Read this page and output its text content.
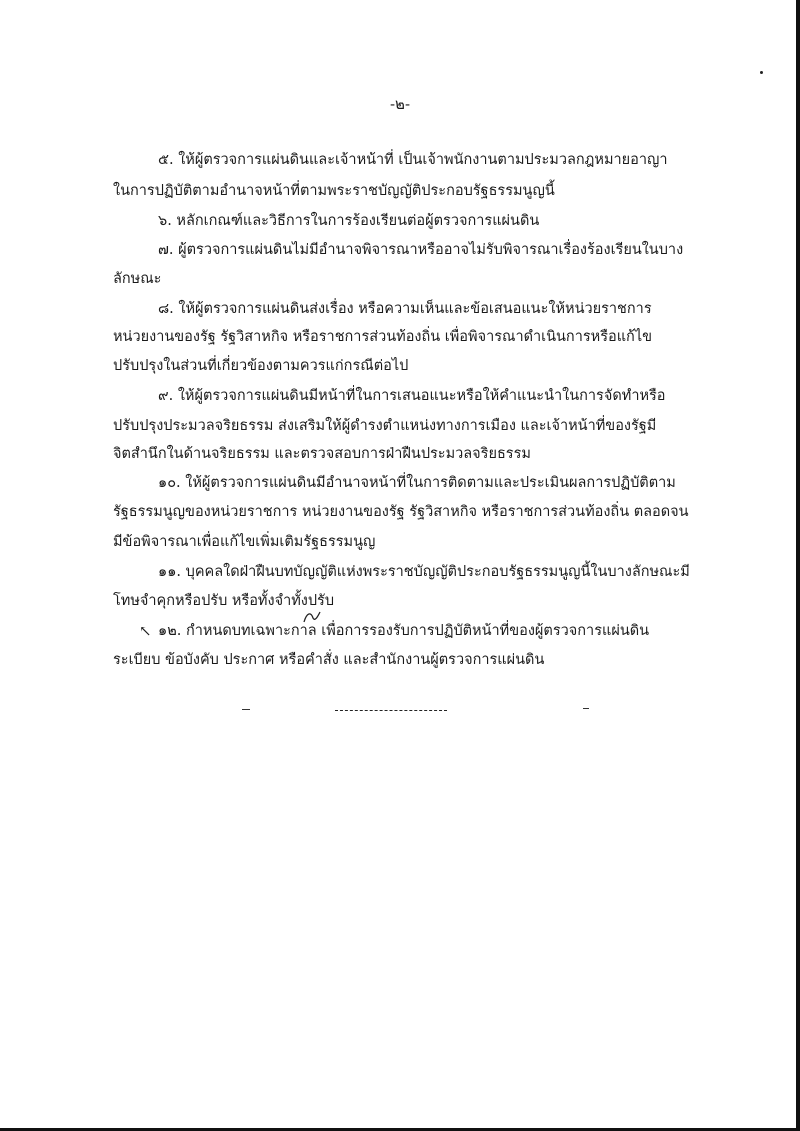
-๒-
๕. ให้ผู้ตรวจการแผ่นดินและเจ้าหน้าที่ เป็นเจ้าพนักงานตามประมวลกฎหมายอาญา
ในการปฏิบัติตามอำนาจหน้าที่ตามพระราชบัญญัติประกอบรัฐธรรมนูญนี้
๖. หลักเกณฑ์และวิธีการในการร้องเรียนต่อผู้ตรวจการแผ่นดิน
๗. ผู้ตรวจการแผ่นดินไม่มีอำนาจพิจารณาหรืออาจไม่รับพิจารณาเรื่องร้องเรียนในบาง
ลักษณะ
๘. ให้ผู้ตรวจการแผ่นดินส่งเรื่อง หรือความเห็นและข้อเสนอแนะให้หน่วยราชการ
หน่วยงานของรัฐ รัฐวิสาหกิจ หรือราชการส่วนท้องถิ่น เพื่อพิจารณาดำเนินการหรือแก้ไข
ปรับปรุงในส่วนที่เกี่ยวข้องตามควรแก่กรณีต่อไป
๙. ให้ผู้ตรวจการแผ่นดินมีหน้าที่ในการเสนอแนะหรือให้คำแนะนำในการจัดทำหรือ
ปรับปรุงประมวลจริยธรรม ส่งเสริมให้ผู้ดำรงตำแหน่งทางการเมือง และเจ้าหน้าที่ของรัฐมี
จิตสำนึกในด้านจริยธรรม และตรวจสอบการฝ่าฝืนประมวลจริยธรรม
๑๐. ให้ผู้ตรวจการแผ่นดินมีอำนาจหน้าที่ในการติดตามและประเมินผลการปฏิบัติตาม
รัฐธรรมนูญของหน่วยราชการ หน่วยงานของรัฐ รัฐวิสาหกิจ หรือราชการส่วนท้องถิ่น ตลอดจน
มีข้อพิจารณาเพื่อแก้ไขเพิ่มเติมรัฐธรรมนูญ
๑๑. บุคคลใดฝ่าฝืนบทบัญญัติแห่งพระราชบัญญัติประกอบรัฐธรรมนูญนี้ในบางลักษณะมี
โทษจำคุกหรือปรับ หรือทั้งจำทั้งปรับ
↖ ๑๒. กำหนดบทเฉพาะกาล เพื่อการรองรับการปฏิบัติหน้าที่ของผู้ตรวจการแผ่นดิน
ระเบียบ ข้อบังคับ ประกาศ หรือคำสั่ง และสำนักงานผู้ตรวจการแผ่นดิน
